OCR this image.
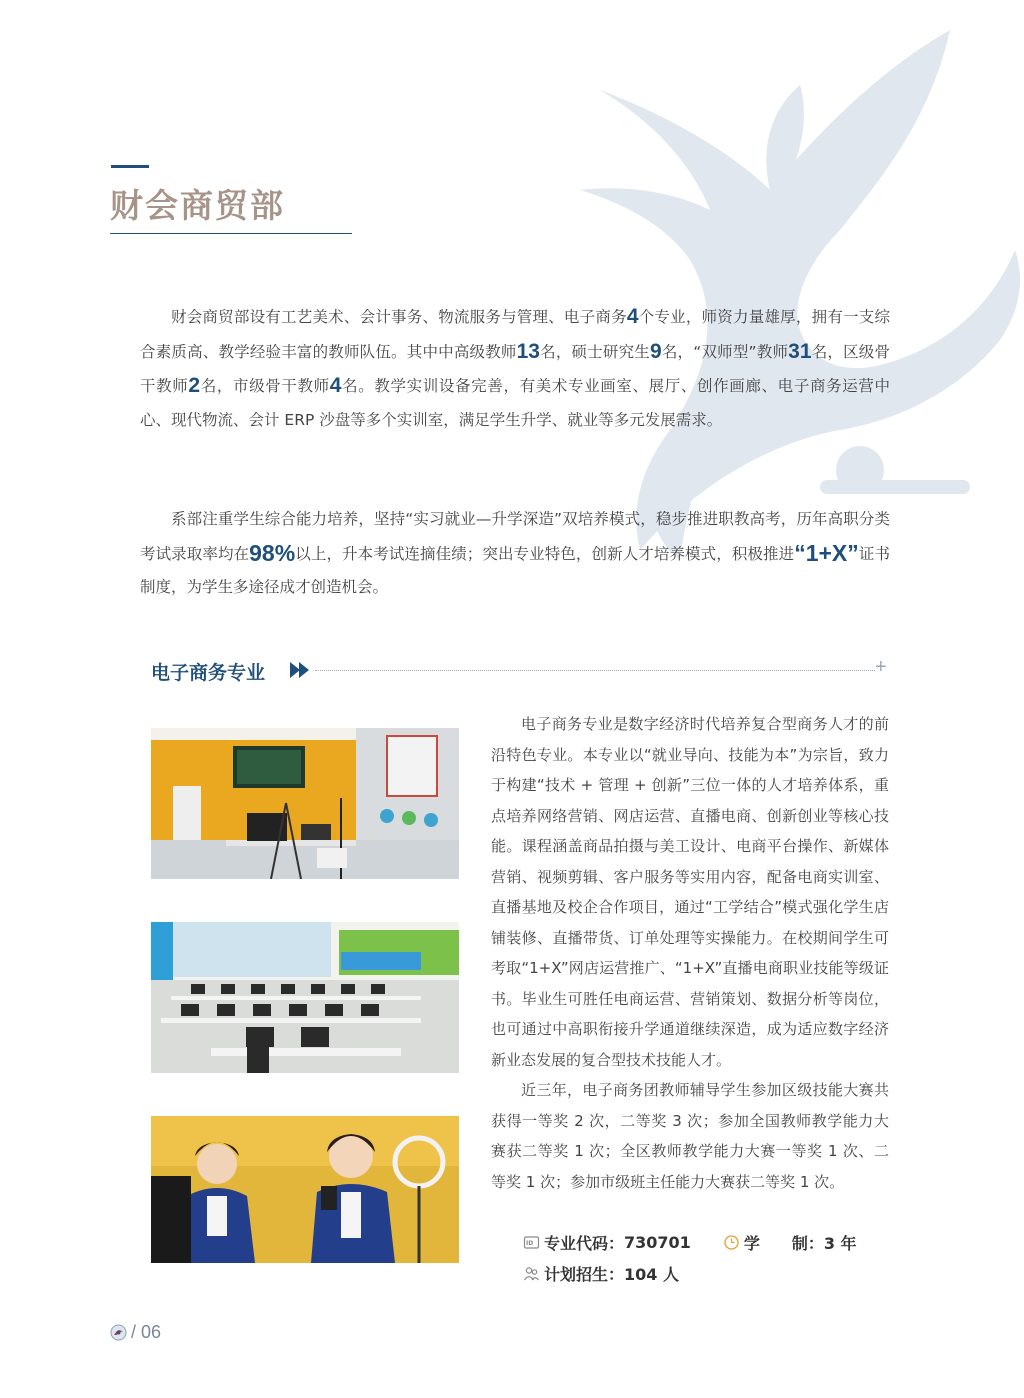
财会商贸部

财会商贸部设有工艺美术、会计事务、物流服务与管理、电子商务4个专业，师资力量雄厚，拥有一支综合素质高、教学经验丰富的教师队伍。其中中高级教师13名，硕士研究生9名，“双师型”教师31名，区级骨干教师2名，市级骨干教师4名。教学实训设备完善，有美术专业画室、展厅、创作画廊、电子商务运营中心、现代物流、会计 ERP 沙盘等多个实训室，满足学生升学、就业等多元发展需求。

系部注重学生综合能力培养，坚持“实习就业—升学深造”双培养模式，稳步推进职教高考，历年高职分类考试录取率均在98%以上，升本考试连摘佳绩；突出专业特色，创新人才培养模式，积极推进“1+X”证书制度，为学生多途径成才创造机会。

电子商务专业	+

电子商务专业是数字经济时代培养复合型商务人才的前沿特色专业。本专业以“就业导向、技能为本”为宗旨，致力于构建“技术 + 管理 + 创新”三位一体的人才培养体系，重点培养网络营销、网店运营、直播电商、创新创业等核心技能。课程涵盖商品拍摄与美工设计、电商平台操作、新媒体营销、视频剪辑、客户服务等实用内容，配备电商实训室、直播基地及校企合作项目，通过“工学结合”模式强化学生店铺装修、直播带货、订单处理等实操能力。在校期间学生可考取“1+X”网店运营推广、“1+X”直播电商职业技能等级证书。毕业生可胜任电商运营、营销策划、数据分析等岗位，也可通过中高职衔接升学通道继续深造，成为适应数字经济新业态发展的复合型技术技能人才。

近三年，电子商务团教师辅导学生参加区级技能大赛共获得一等奖 2 次，二等奖 3 次；参加全国教师教学能力大赛获二等奖 1 次；全区教师教学能力大赛一等奖 1 次、二等奖 1 次；参加市级班主任能力大赛获二等奖 1 次。

ID 专业代码： 730701	学　　制： 3 年
计划招生： 104 人
/ 06
